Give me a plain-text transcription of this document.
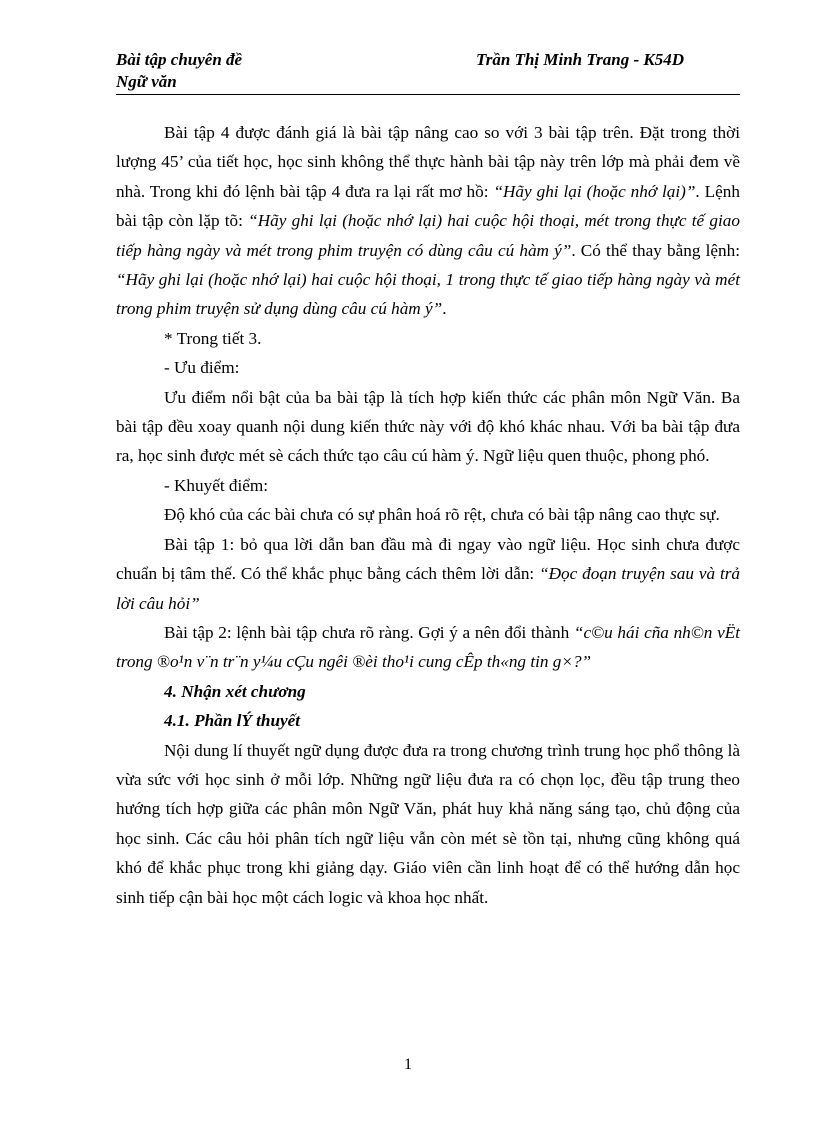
Bài tập chuyên đề
Ngữ văn
Trần Thị Minh Trang - K54D

Bài tập 4 được đánh giá là bài tập nâng cao so với 3 bài tập trên. Đặt trong thời lượng 45’ của tiết học, học sinh không thể thực hành bài tập này trên lớp mà phải đem về nhà. Trong khi đó lệnh bài tập 4 đưa ra lại rất mơ hồ: “Hãy ghi lại (hoặc nhớ lại)”. Lệnh bài tập còn lặp tõ: “Hãy ghi lại (hoặc nhớ lại) hai cuộc hội thoại, mét trong thực tế giao tiếp hàng ngày và mét trong phim truyện có dùng câu cú hàm ý”. Có thể thay bằng lệnh: “Hãy ghi lại (hoặc nhớ lại) hai cuộc hội thoại, 1 trong thực tế giao tiếp hàng ngày và mét trong phim truyện sử dụng dùng câu cú hàm ý”.

* Trong tiết 3.

- Ưu điểm:

Ưu điểm nổi bật của ba bài tập là tích hợp kiến thức các phân môn Ngữ Văn. Ba bài tập đều xoay quanh nội dung kiến thức này với độ khó khác nhau. Với ba bài tập đưa ra, học sinh được mét sè cách thức tạo câu cú hàm ý. Ngữ liệu quen thuộc, phong phó.

- Khuyết điểm:

Độ khó của các bài chưa có sự phân hoá rõ rệt, chưa có bài tập nâng cao thực sự.

Bài tập 1: bỏ qua lời dẫn ban đầu mà đi ngay vào ngữ liệu. Học sinh chưa được chuẩn bị tâm thế. Có thể khắc phục bằng cách thêm lời dẫn: “Đọc đoạn truyện sau và trả lời câu hỏi”

Bài tập 2: lệnh bài tập chưa rõ ràng. Gợi ý a nên đổi thành “c©u hái cña nh©n vËt trong ®o¹n v¨n tr¨n y¼u cÇu ngêi ®èi tho¹i cung cÊp th«ng tin g×?”

4. Nhận xét chương

4.1. Phần lÝ thuyết

Nội dung lí thuyết ngữ dụng được đưa ra trong chương trình trung học phổ thông là vừa sức với học sinh ở mỗi lớp. Những ngữ liệu đưa ra có chọn lọc, đều tập trung theo hướng tích hợp giữa các phân môn Ngữ Văn, phát huy khả năng sáng tạo, chủ động của học sinh. Các câu hỏi phân tích ngữ liệu vẫn còn mét sè tồn tại, nhưng cũng không quá khó để khắc phục trong khi giảng dạy. Giáo viên cần linh hoạt để có thể hướng dẫn học sinh tiếp cận bài học một cách logic và khoa học nhất.

1
